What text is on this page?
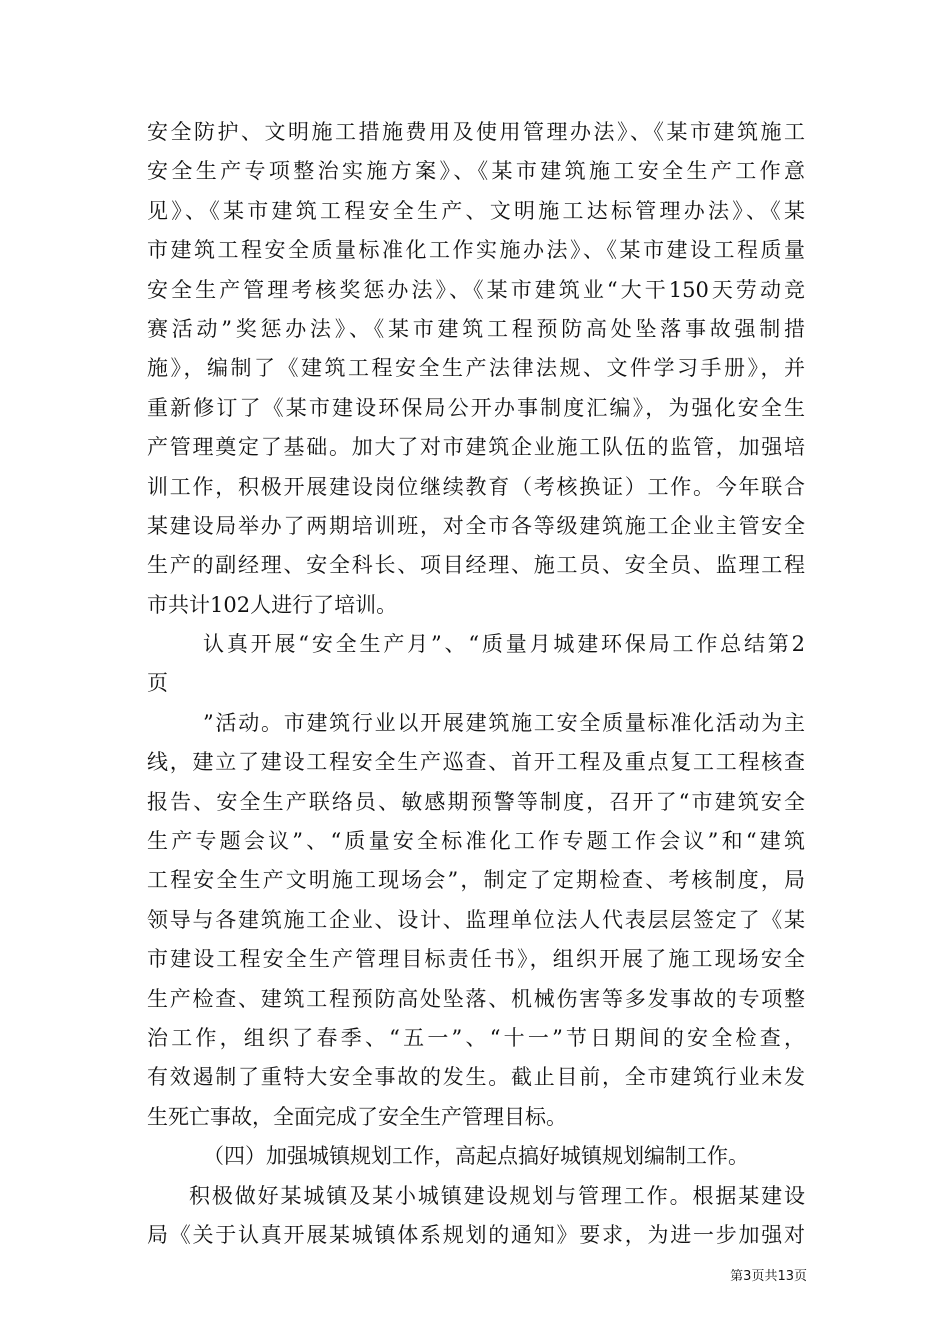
安全防护、文明施工措施费用及使用管理办法》、《某市建筑施工
安全生产专项整治实施方案》、《某市建筑施工安全生产工作意
见》、《某市建筑工程安全生产、文明施工达标管理办法》、《某
市建筑工程安全质量标准化工作实施办法》、《某市建设工程质量
安全生产管理考核奖惩办法》、《某市建筑业“大干150天劳动竞
赛活动”奖惩办法》、《某市建筑工程预防高处坠落事故强制措
施》，编制了《建筑工程安全生产法律法规、文件学习手册》，并
重新修订了《某市建设环保局公开办事制度汇编》，为强化安全生
产管理奠定了基础。加大了对市建筑企业施工队伍的监管，加强培
训工作，积极开展建设岗位继续教育（考核换证）工作。今年联合
某建设局举办了两期培训班，对全市各等级建筑施工企业主管安全
生产的副经理、安全科长、项目经理、施工员、安全员、监理工程
市共计102人进行了培训。
认真开展“安全生产月”、“质量月城建环保局工作总结第2
页
”活动。市建筑行业以开展建筑施工安全质量标准化活动为主
线，建立了建设工程安全生产巡查、首开工程及重点复工工程核查
报告、安全生产联络员、敏感期预警等制度，召开了“市建筑安全
生产专题会议”、“质量安全标准化工作专题工作会议”和“建筑
工程安全生产文明施工现场会”，制定了定期检查、考核制度，局
领导与各建筑施工企业、设计、监理单位法人代表层层签定了《某
市建设工程安全生产管理目标责任书》，组织开展了施工现场安全
生产检查、建筑工程预防高处坠落、机械伤害等多发事故的专项整
治工作，组织了春季、“五一”、“十一”节日期间的安全检查，
有效遏制了重特大安全事故的发生。截止目前，全市建筑行业未发
生死亡事故，全面完成了安全生产管理目标。
（四）加强城镇规划工作，高起点搞好城镇规划编制工作。
积极做好某城镇及某小城镇建设规划与管理工作。根据某建设
局《关于认真开展某城镇体系规划的通知》要求，为进一步加强对
第3页共13页
